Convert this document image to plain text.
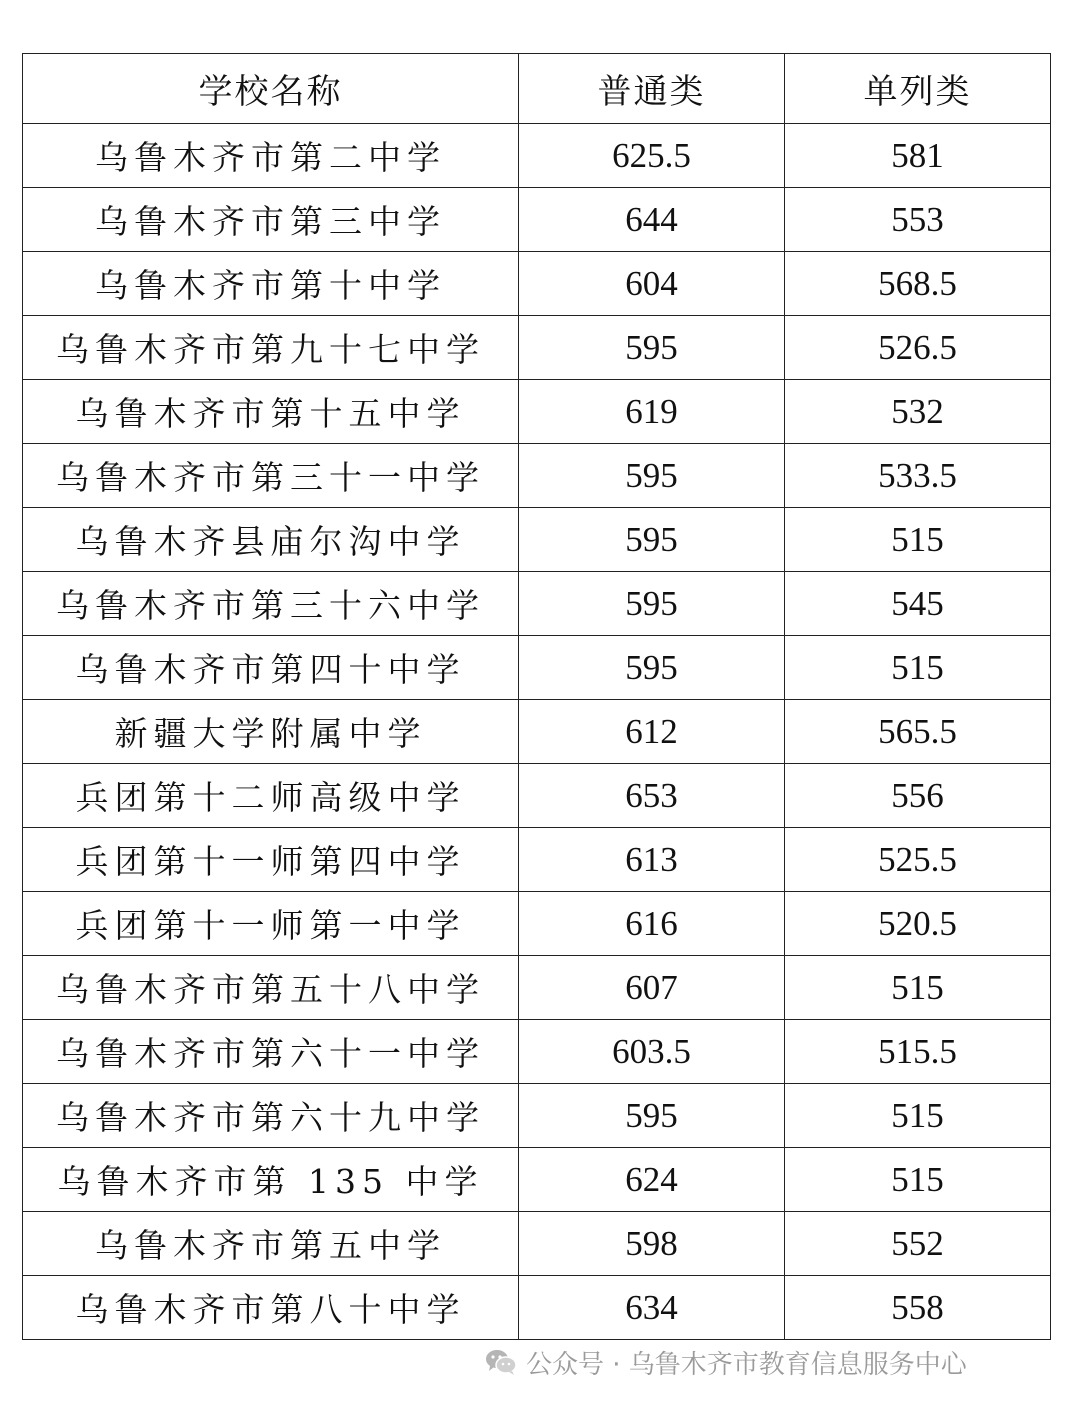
学校名称	普通类	单列类
乌鲁木齐市第二中学	625.5	581
乌鲁木齐市第三中学	644	553
乌鲁木齐市第十中学	604	568.5
乌鲁木齐市第九十七中学	595	526.5
乌鲁木齐市第十五中学	619	532
乌鲁木齐市第三十一中学	595	533.5
乌鲁木齐县庙尔沟中学	595	515
乌鲁木齐市第三十六中学	595	545
乌鲁木齐市第四十中学	595	515
新疆大学附属中学	612	565.5
兵团第十二师高级中学	653	556
兵团第十一师第四中学	613	525.5
兵团第十一师第一中学	616	520.5
乌鲁木齐市第五十八中学	607	515
乌鲁木齐市第六十一中学	603.5	515.5
乌鲁木齐市第六十九中学	595	515
乌鲁木齐市第 135 中学	624	515
乌鲁木齐市第五中学	598	552
乌鲁木齐市第八十中学	634	558
公众号 · 乌鲁木齐市教育信息服务中心
